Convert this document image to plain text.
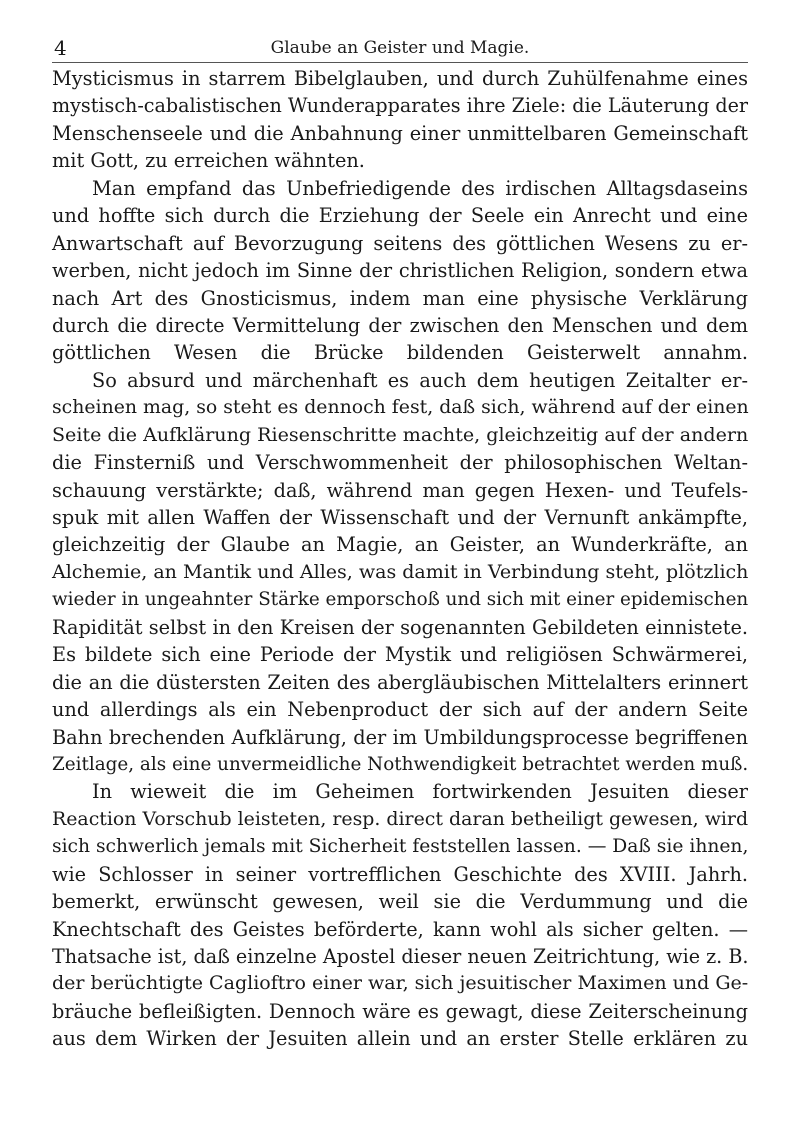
4	Glaube an Geister und Magie.
Mysticismus in starrem Bibelglauben, und durch Zuhülfenahme eines
mystisch-cabalistischen Wunderapparates ihre Ziele: die Läuterung der
Menschenseele und die Anbahnung einer unmittelbaren Gemeinschaft
mit Gott, zu erreichen wähnten.
Man empfand das Unbefriedigende des irdischen Alltagsdaseins
und hoffte sich durch die Erziehung der Seele ein Anrecht und eine
Anwartschaft auf Bevorzugung seitens des göttlichen Wesens zu er-
werben, nicht jedoch im Sinne der christlichen Religion, sondern etwa
nach Art des Gnosticismus, indem man eine physische Verklärung
durch die directe Vermittelung der zwischen den Menschen und dem
göttlichen Wesen die Brücke bildenden Geisterwelt annahm.
So absurd und märchenhaft es auch dem heutigen Zeitalter er-
scheinen mag, so steht es dennoch fest, daß sich, während auf der einen
Seite die Aufklärung Riesenschritte machte, gleichzeitig auf der andern
die Finsterniß und Verschwommenheit der philosophischen Weltan-
schauung verstärkte; daß, während man gegen Hexen- und Teufels-
spuk mit allen Waffen der Wissenschaft und der Vernunft ankämpfte,
gleichzeitig der Glaube an Magie, an Geister, an Wunderkräfte, an
Alchemie, an Mantik und Alles, was damit in Verbindung steht, plötzlich
wieder in ungeahnter Stärke emporschoß und sich mit einer epidemischen
Rapidität selbst in den Kreisen der sogenannten Gebildeten einnistete.
Es bildete sich eine Periode der Mystik und religiösen Schwärmerei,
die an die düstersten Zeiten des abergläubischen Mittelalters erinnert
und allerdings als ein Nebenproduct der sich auf der andern Seite
Bahn brechenden Aufklärung, der im Umbildungsprocesse begriffenen
Zeitlage, als eine unvermeidliche Nothwendigkeit betrachtet werden muß.
In wieweit die im Geheimen fortwirkenden Jesuiten dieser
Reaction Vorschub leisteten, resp. direct daran betheiligt gewesen, wird
sich schwerlich jemals mit Sicherheit feststellen lassen. — Daß sie ihnen,
wie Schlosser in seiner vortrefflichen Geschichte des XVIII. Jahrh.
bemerkt, erwünscht gewesen, weil sie die Verdummung und die
Knechtschaft des Geistes beförderte, kann wohl als sicher gelten. —
Thatsache ist, daß einzelne Apostel dieser neuen Zeitrichtung, wie z. B.
der berüchtigte Caglioftro einer war, sich jesuitischer Maximen und Ge-
bräuche befleißigten. Dennoch wäre es gewagt, diese Zeiterscheinung
aus dem Wirken der Jesuiten allein und an erster Stelle erklären zu
